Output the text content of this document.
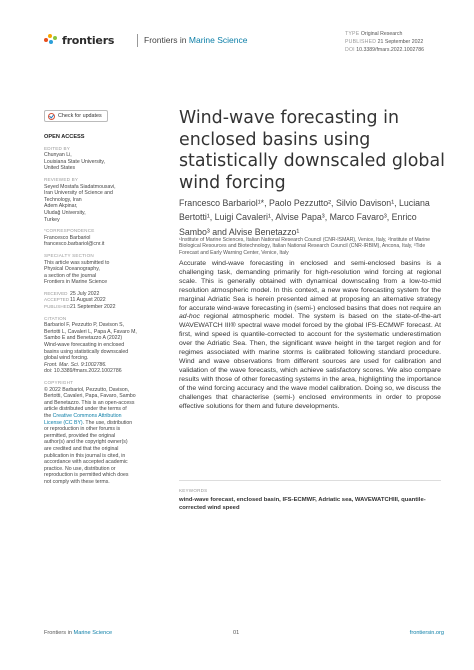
frontiers	Frontiers in Marine Science
TYPE Original Research
PUBLISHED 21 September 2022
DOI 10.3389/fmars.2022.1002786
Check for updates
OPEN ACCESS
EDITED BY
Chunyan Li,
Louisiana State University,
United States
REVIEWED BY
Seyed Mostafa Siadatmousavi,
Iran University of Science and
Technology, Iran
Adem Akpinar,
Uludağ University,
Turkey
*CORRESPONDENCE
Francesco Barbariol
francesco.barbariol@cnr.it
SPECIALTY SECTION
This article was submitted to
Physical Oceanography,
a section of the journal
Frontiers in Marine Science
RECEIVED 25 July 2022
ACCEPTED11 August 2022
PUBLISHED21 September 2022
CITATION
Barbariol F, Pezzutto P, Davison S,
Bertotti L, Cavaleri L, Papa A, Favaro M,
Sambo E and Benetazzo A (2022)
Wind-wave forecasting in enclosed
basins using statistically downscaled
global wind forcing.
Front. Mar. Sci. 9:1002786.
doi: 10.3389/fmars.2022.1002786
COPYRIGHT
© 2022 Barbariol, Pezzutto, Davison,
Bertotti, Cavaleri, Papa, Favaro, Sambo
and Benetazzo. This is an open-access
article distributed under the terms of
the Creative Commons Attribution
License (CC BY). The use, distribution
or reproduction in other forums is
permitted, provided the original
author(s) and the copyright owner(s)
are credited and that the original
publication in this journal is cited, in
accordance with accepted academic
practice. No use, distribution or
reproduction is permitted which does
not comply with these terms.
Wind-wave forecasting in enclosed basins using statistically downscaled global wind forcing
Francesco Barbariol¹*, Paolo Pezzutto², Silvio Davison¹, Luciana Bertotti¹, Luigi Cavaleri¹, Alvise Papa³, Marco Favaro³, Enrico Sambo³ and Alvise Benetazzo¹
¹Institute of Marine Sciences, Italian National Research Council (CNR-ISMAR), Venice, Italy, ²Institute of Marine Biological Resources and Biotechnology, Italian National Research Council (CNR-IRBIM), Ancona, Italy, ³Tide Forecast and Early Warning Center, Venice, Italy
Accurate wind-wave forecasting in enclosed and semi-enclosed basins is a challenging task, demanding primarily for high-resolution wind forcing at regional scale. This is generally obtained with dynamical downscaling from a low-to-mid resolution atmospheric model. In this context, a new wave forecasting system for the marginal Adriatic Sea is herein presented aimed at proposing an alternative strategy for accurate wind-wave forecasting in (semi-) enclosed basins that does not require an ad-hoc regional atmospheric model. The system is based on the state-of-the-art WAVEWATCH III® spectral wave model forced by the global IFS-ECMWF forecast. At first, wind speed is quantile-corrected to account for the systematic underestimation over the Adriatic Sea. Then, the significant wave height in the target region and for regimes associated with marine storms is calibrated following standard procedure. Wind and wave observations from different sources are used for calibration and validation of the wave forecasts, which achieve satisfactory scores. We also compare results with those of other forecasting systems in the area, highlighting the importance of the wind forcing accuracy and the wave model calibration. Doing so, we discuss the challenges that characterise (semi-) enclosed environments in order to propose effective solutions for them and future developments.
KEYWORDS
wind-wave forecast, enclosed basin, IFS-ECMWF, Adriatic sea, WAVEWATCHIII, quantile-corrected wind speed
Frontiers in Marine Science	01	frontiersin.org
